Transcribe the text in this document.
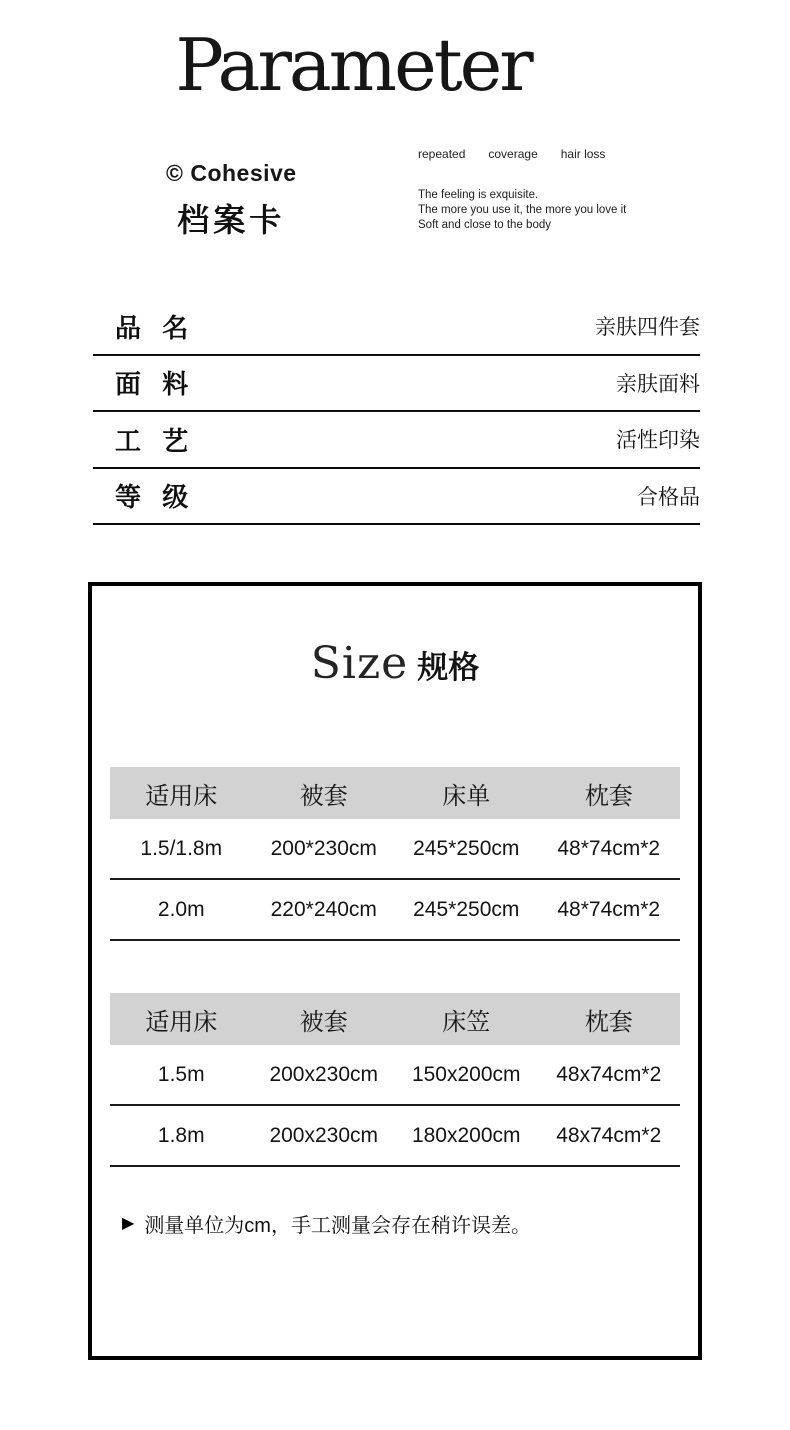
Parameter
© Cohesive
档案卡
repeated coverage hair loss
The feeling is exquisite.
The more you use it, the more you love it
Soft and close to the body
品 名	亲肤四件套
面 料	亲肤面料
工 艺	活性印染
等 级	合格品
Size 规格
适用床	被套	床单	枕套
1.5/1.8m	200*230cm	245*250cm	48*74cm*2
2.0m	220*240cm	245*250cm	48*74cm*2
适用床	被套	床笠	枕套
1.5m	200x230cm	150x200cm	48x74cm*2
1.8m	200x230cm	180x200cm	48x74cm*2
▶ 测量单位为cm，手工测量会存在稍许误差。
